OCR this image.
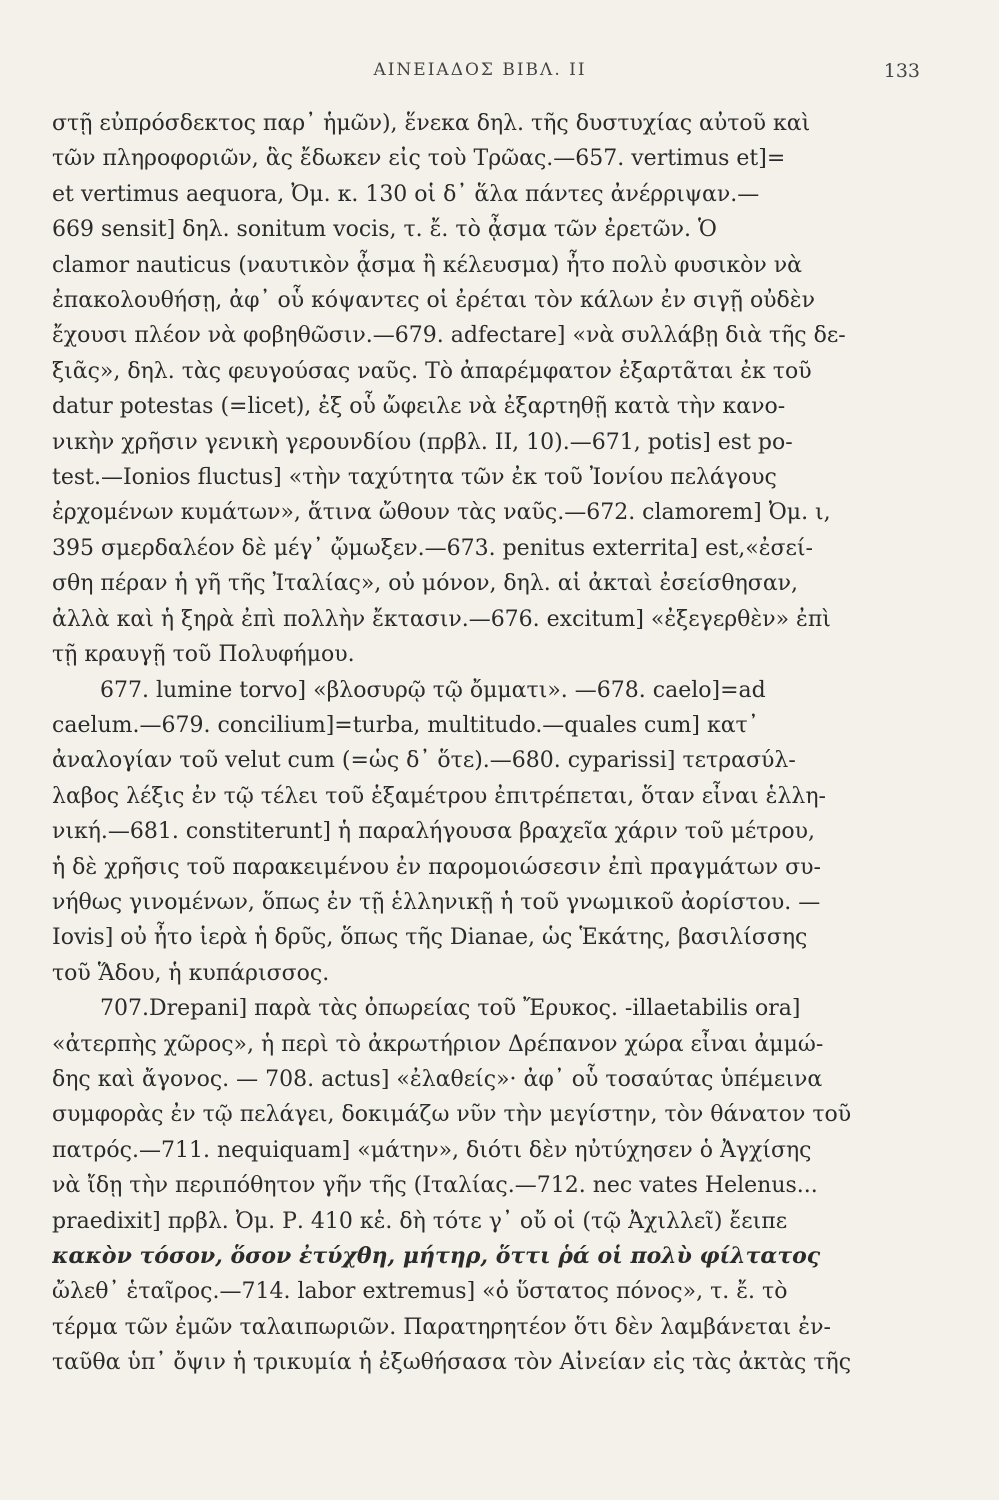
ΑΙΝΕΙΑΔΟΣ ΒΙΒΛ. II	133
στῇ εὐπρόσδεκτος παρ᾽ ἡμῶν), ἕνεκα δηλ. τῆς δυστυχίας αὐτοῦ καὶ
τῶν πληροφοριῶν, ἃς ἔδωκεν εἰς τοὺ Τρῶας.—657. vertimus et]=
et vertimus aequora, Ὀμ. κ. 130 οἱ δ᾽ ἅλα πάντες ἀνέρριψαν.—
669 sensit] δηλ. sonitum vocis, τ. ἔ. τὸ ᾆσμα τῶν ἐρετῶν. Ὁ
clamor nauticus (ναυτικὸν ᾆσμα ἢ κέλευσμα) ἦτο πολὺ φυσικὸν νὰ
ἐπακολουθήσῃ, ἀφ᾽ οὗ κόψαντες οἱ ἐρέται τὸν κάλων ἐν σιγῇ οὐδὲν
ἔχουσι πλέον νὰ φοβηθῶσιν.—679. adfectare] «νὰ συλλάβῃ διὰ τῆς δε-
ξιᾶς», δηλ. τὰς φευγούσας ναῦς. Τὸ ἀπαρέμφατον ἐξαρτᾶται ἐκ τοῦ
datur potestas (=licet), ἐξ οὗ ὤφειλε νὰ ἐξαρτηθῇ κατὰ τὴν κανο-
νικὴν χρῆσιν γενικὴ γερουνδίου (πρβλ. II, 10).—671, potis] est po-
test.—Ionios fluctus] «τὴν ταχύτητα τῶν ἐκ τοῦ Ἰονίου πελάγους
ἐρχομένων κυμάτων», ἅτινα ὤθουν τὰς ναῦς.—672. clamorem] Ὀμ. ι,
395 σμερδαλέον δὲ μέγ᾽ ᾤμωξεν.—673. penitus exterrita] est,«ἐσεί-
σθη πέραν ἡ γῆ τῆς Ἰταλίας», οὐ μόνον, δηλ. αἱ ἀκταὶ ἐσείσθησαν,
ἀλλὰ καὶ ἡ ξηρὰ ἐπὶ πολλὴν ἔκτασιν.—676. excitum] «ἐξεγερθὲν» ἐπὶ
τῇ κραυγῇ τοῦ Πολυφήμου.
677. lumine torvo] «βλοσυρῷ τῷ ὄμματι». —678. caelo]=ad
caelum.—679. concilium]=turba, multitudo.—quales cum] κατ᾽
ἀναλογίαν τοῦ velut cum (=ὡς δ᾽ ὅτε).—680. cyparissi] τετρασύλ-
λαβος λέξις ἐν τῷ τέλει τοῦ ἑξαμέτρου ἐπιτρέπεται, ὅταν εἶναι ἑλλη-
νική.—681. constiterunt] ἡ παραλήγουσα βραχεῖα χάριν τοῦ μέτρου,
ἡ δὲ χρῆσις τοῦ παρακειμένου ἐν παρομοιώσεσιν ἐπὶ πραγμάτων συ-
νήθως γινομένων, ὅπως ἐν τῇ ἑλληνικῇ ἡ τοῦ γνωμικοῦ ἀορίστου. —
Iovis] οὐ ἦτο ἱερὰ ἡ δρῦς, ὅπως τῆς Dianae, ὡς Ἑκάτης, βασιλίσσης
τοῦ Ἅδου, ἡ κυπάρισσος.
707.Drepani] παρὰ τὰς ὀπωρείας τοῦ Ἔρυκος. -illaetabilis ora]
«ἀτερπὴς χῶρος», ἡ περὶ τὸ ἀκρωτήριον Δρέπανον χώρα εἶναι ἀμμώ-
δης καὶ ἄγονος. — 708. actus] «ἐλαθείς»· ἀφ᾽ οὗ τοσαύτας ὑπέμεινα
συμφορὰς ἐν τῷ πελάγει, δοκιμάζω νῦν τὴν μεγίστην, τὸν θάνατον τοῦ
πατρός.—711. nequiquam] «μάτην», διότι δὲν ηὐτύχησεν ὁ Ἀγχίσης
νὰ ἴδῃ τὴν περιπόθητον γῆν τῆς (Ιταλίας.—712. nec vates Helenus...
praedixit] πρβλ. Ὀμ. Ρ. 410 κἑ. δὴ τότε γ᾽ οὔ οἱ (τῷ Ἀχιλλεῖ) ἔειπε
κακὸν τόσον, ὅσον ἐτύχθη, μήτηρ, ὅττι ῥά οἱ πολὺ φίλτατος
ὤλεθ᾽ ἑταῖρος.—714. labor extremus] «ὁ ὕστατος πόνος», τ. ἔ. τὸ
τέρμα τῶν ἐμῶν ταλαιπωριῶν. Παρατηρητέον ὅτι δὲν λαμβάνεται ἐν-
ταῦθα ὑπ᾽ ὄψιν ἡ τρικυμία ἡ ἐξωθήσασα τὸν Αἰνείαν εἰς τὰς ἀκτὰς τῆς
